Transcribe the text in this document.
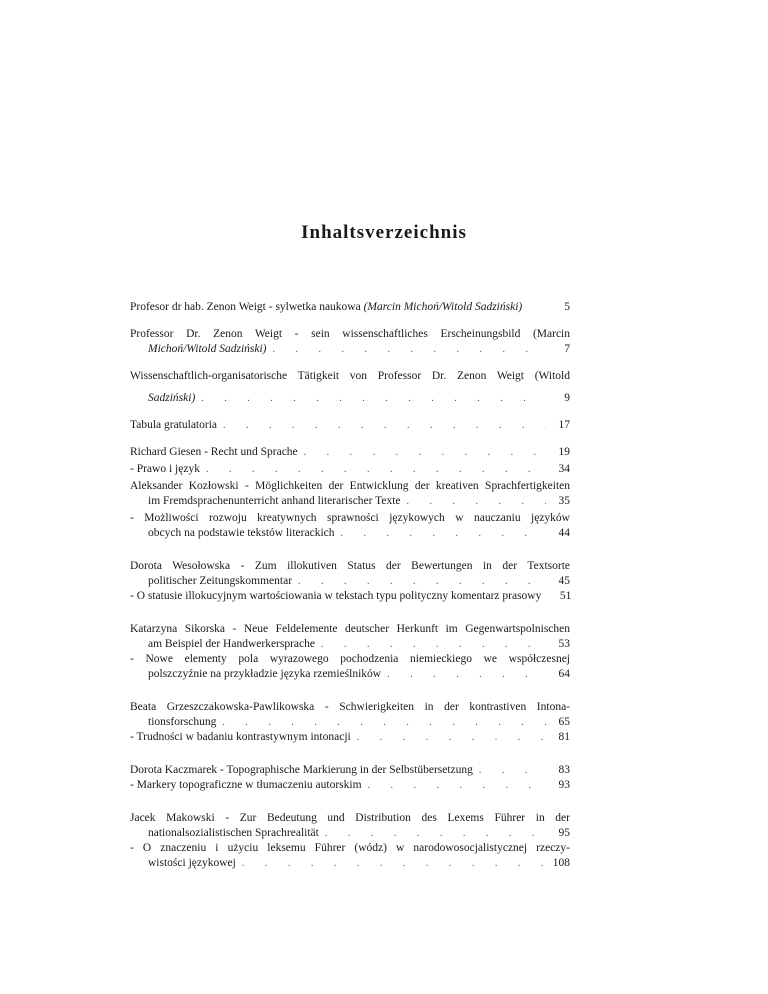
Inhaltsverzeichnis
Profesor dr hab. Zenon Weigt - sylwetka naukowa (Marcin Michoń/Witold Sadziński)	5
Professor Dr. Zenon Weigt - sein wissenschaftliches Erscheinungsbild (Marcin
Michoń/Witold Sadziński) . . .	7
Wissenschaftlich-organisatorische Tätigkeit von Professor Dr. Zenon Weigt (Witold
Sadziński) . . .	9
Tabula gratulatoria . . .	17
Richard Giesen - Recht und Sprache . . .	19
- Prawo i język . . .	34
Aleksander Kozłowski - Möglichkeiten der Entwicklung der kreativen Sprachfertigkeiten
im Fremdsprachenunterricht anhand literarischer Texte . . .	35
- Możliwości rozwoju kreatywnych sprawności językowych w nauczaniu języków
obcych na podstawie tekstów literackich . . .	44
Dorota Wesołowska - Zum illokutiven Status der Bewertungen in der Textsorte
politischer Zeitungskommentar . . .	45
- O statusie illokucyjnym wartościowania w tekstach typu polityczny komentarz prasowy	51
Katarzyna Sikorska - Neue Feldelemente deutscher Herkunft im Gegenwartspolnischen
am Beispiel der Handwerkersprache . . .	53
- Nowe elementy pola wyrazowego pochodzenia niemieckiego we współczesnej
polszczyźnie na przykładzie języka rzemieślników . . .	64
Beata Grzeszczakowska-Pawlikowska - Schwierigkeiten in der kontrastiven Intona-
tionsforschung . . .	65
- Trudności w badaniu kontrastywnym intonacji . . .	81
Dorota Kaczmarek - Topographische Markierung in der Selbstübersetzung . . .	83
- Markery topograficzne w tłumaczeniu autorskim . . .	93
Jacek Makowski - Zur Bedeutung und Distribution des Lexems Führer in der
nationalsozialistischen Sprachrealität . . .	95
- O znaczeniu i użyciu leksemu Führer (wódz) w narodowosocjalistycznej rzeczy-
wistości językowej . . .	108
